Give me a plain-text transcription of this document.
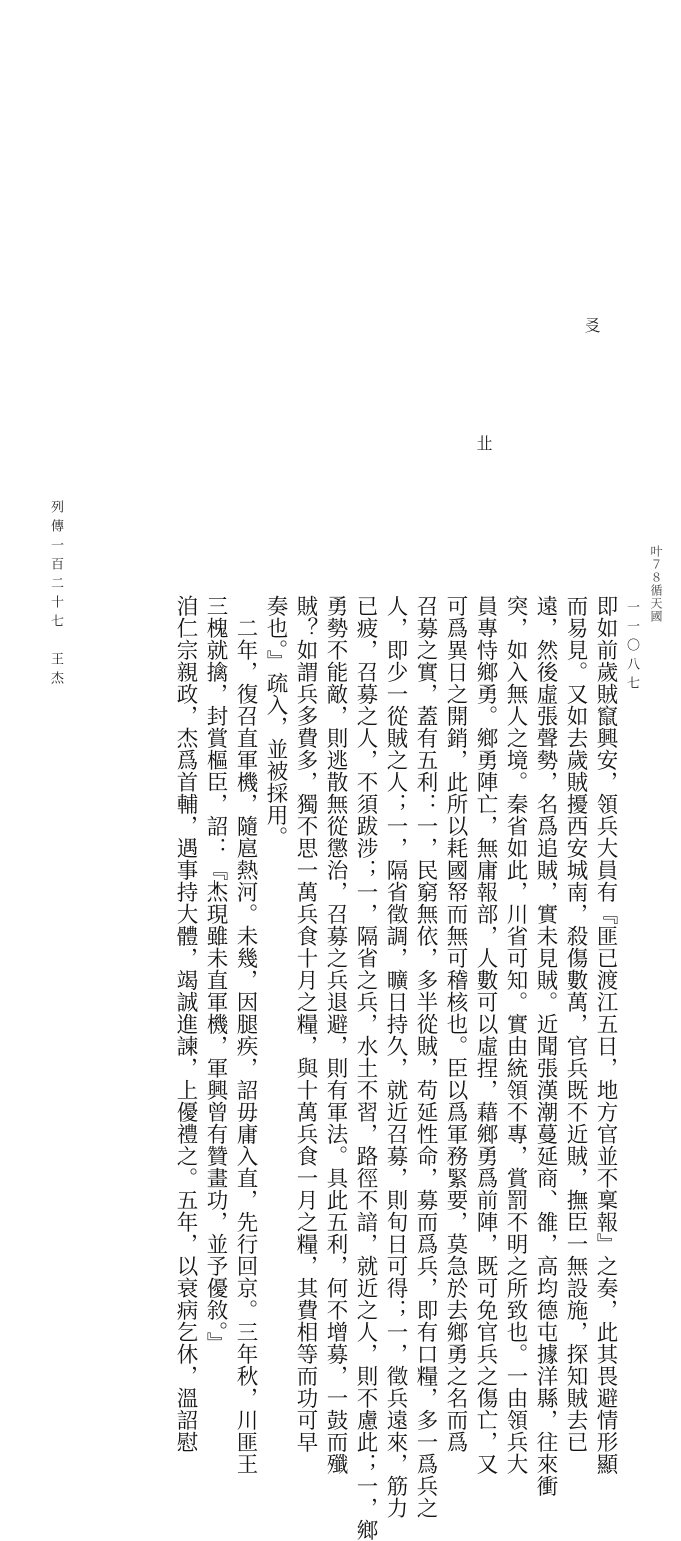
㕛
㐀
叶７８循天國
即如前歲賊竄興安，領兵大員有『匪已渡江五日，地方官並不稟報』之奏，此其畏避情形顯
而易見。又如去歲賊擾西安城南，殺傷數萬，官兵既不近賊，撫臣一無設施，探知賊去已
遠，然後虛張聲勢，名爲追賊，實未見賊。近聞張漢潮蔓延商、雒，高均德屯據洋縣，往來衝
突，如入無人之境。秦省如此，川省可知。實由統領不專，賞罰不明之所致也。一由領兵大
員專恃鄉勇。鄉勇陣亡，無庸報部，人數可以虛捏，藉鄉勇爲前陣，既可免官兵之傷亡，又
可爲異日之開銷，此所以耗國帑而無可稽核也。臣以爲軍務緊要，莫急於去鄉勇之名而爲
召募之實，蓋有五利：一，民窮無依，多半從賊，苟延性命，募而爲兵，即有口糧，多一爲兵之
人，即少一從賊之人；一，隔省徵調，曠日持久，就近召募，則旬日可得；一，徵兵遠來，筋力
已疲，召募之人，不須跋涉；一，隔省之兵，水土不習，路徑不諳，就近之人，則不慮此；一，鄉
勇勢不能敵，則逃散無從懲治，召募之兵退避，則有軍法。具此五利，何不增募，一鼓而殲
賊？如謂兵多費多，獨不思一萬兵食十月之糧，與十萬兵食一月之糧，其費相等而功可早
奏也。』疏入，並被採用。
　二年，復召直軍機，隨扈熱河。未幾，因腿疾，詔毋庸入直，先行回京。三年秋，川匪王
三槐就擒，封賞樞臣，詔：『杰現雖未直軍機，軍興曾有贊畫功，並予優敘。』
洎仁宗親政，杰爲首輔，遇事持大體，竭誠進諫，上優禮之。五年，以衰病乞休，溫詔慰
列傳一百二十七　王杰	一一〇八七
